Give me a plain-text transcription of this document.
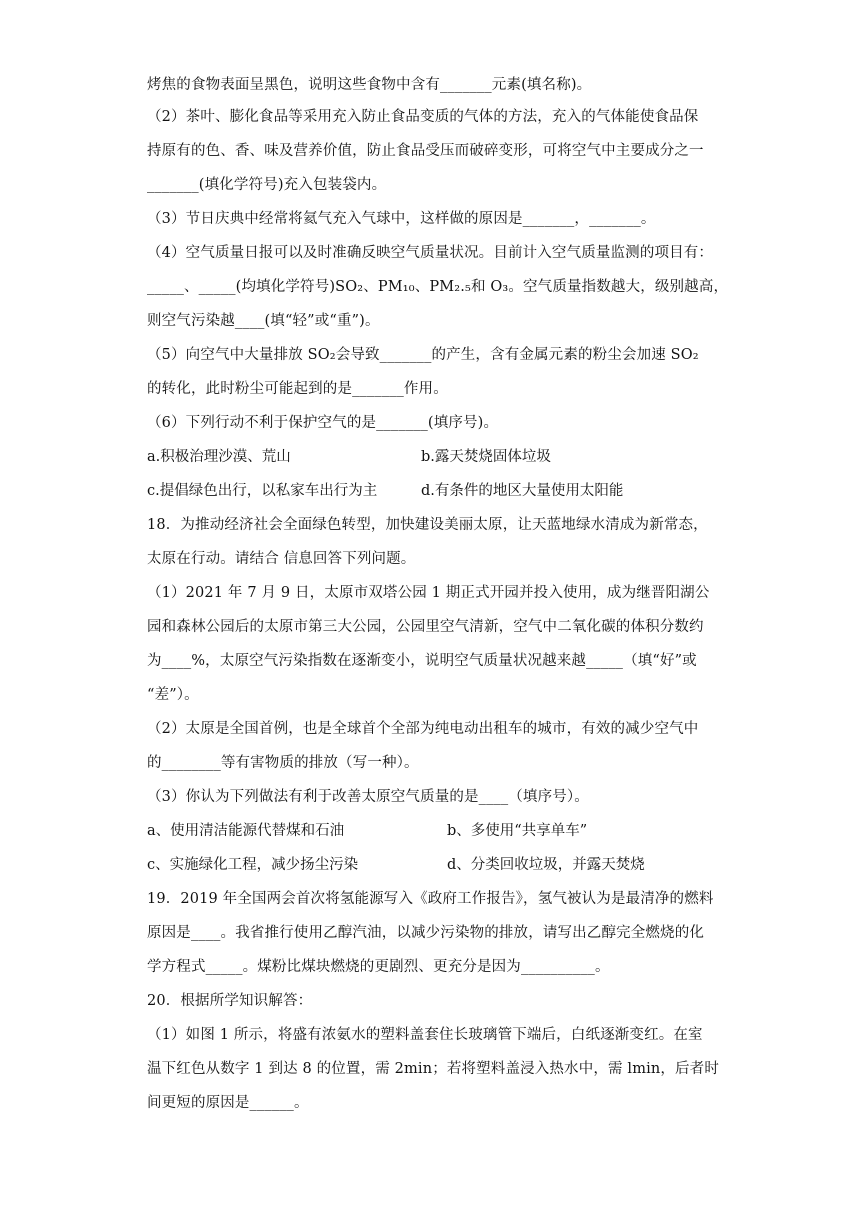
烤焦的食物表面呈黑色，说明这些食物中含有_______元素(填名称)。
（2）茶叶、膨化食品等采用充入防止食品变质的气体的方法，充入的气体能使食品保
持原有的色、香、味及营养价值，防止食品受压而破碎变形，可将空气中主要成分之一
_______(填化学符号)充入包装袋内。
（3）节日庆典中经常将氦气充入气球中，这样做的原因是_______，_______。
（4）空气质量日报可以及时准确反映空气质量状况。目前计入空气质量监测的项目有：
_____、_____(均填化学符号)SO₂、PM₁₀、PM₂.₅和 O₃。空气质量指数越大，级别越高，
则空气污染越____(填“轻”或“重”)。
（5）向空气中大量排放 SO₂会导致_______的产生，含有金属元素的粉尘会加速 SO₂
的转化，此时粉尘可能起到的是_______作用。
（6）下列行动不利于保护空气的是_______(填序号)。
a.积极治理沙漠、荒山	b.露天焚烧固体垃圾
c.提倡绿色出行，以私家车出行为主	d.有条件的地区大量使用太阳能
18．为推动经济社会全面绿色转型，加快建设美丽太原，让天蓝地绿水清成为新常态，
太原在行动。请结合 信息回答下列问题。
（1）2021 年 7 月 9 日，太原市双塔公园 1 期正式开园并投入使用，成为继晋阳湖公
园和森林公园后的太原市第三大公园，公园里空气清新，空气中二氧化碳的体积分数约
为____%，太原空气污染指数在逐渐变小，说明空气质量状况越来越_____（填“好”或
“差”）。
（2）太原是全国首例，也是全球首个全部为纯电动出租车的城市，有效的减少空气中
的________等有害物质的排放（写一种）。
（3）你认为下列做法有利于改善太原空气质量的是____（填序号）。
a、使用清洁能源代替煤和石油	b、多使用“共享单车”
c、实施绿化工程，减少扬尘污染	d、分类回收垃圾，并露天焚烧
19．2019 年全国两会首次将氢能源写入《政府工作报告》，氢气被认为是最清净的燃料
原因是____。我省推行使用乙醇汽油，以减少污染物的排放，请写出乙醇完全燃烧的化
学方程式_____。煤粉比煤块燃烧的更剧烈、更充分是因为__________。
20．根据所学知识解答：
（1）如图 1 所示，将盛有浓氨水的塑料盖套住长玻璃管下端后，白纸逐渐变红。在室
温下红色从数字 1 到达 8 的位置，需 2min；若将塑料盖浸入热水中，需 lmin，后者时
间更短的原因是______。
